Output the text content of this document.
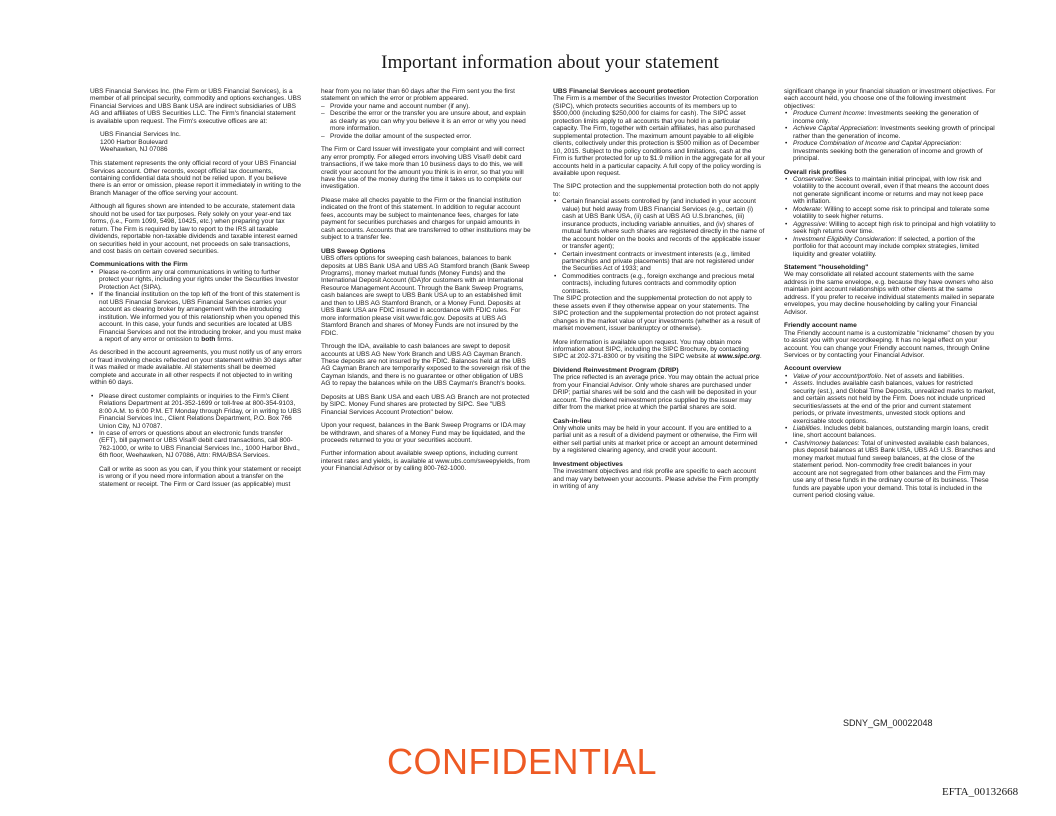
Important information about your statement

UBS Financial Services Inc. (the Firm or UBS Financial Services), is a member of all principal security, commodity and options exchanges. UBS Financial Services and UBS Bank USA are indirect subsidiaries of UBS AG and affiliates of UBS Securities LLC. The Firm's financial statement is available upon request. The Firm's executive offices are at:

UBS Financial Services Inc.
1200 Harbor Boulevard
Weehawken, NJ 07086

This statement represents the only official record of your UBS Financial Services account. Other records, except official tax documents, containing confidential data should not be relied upon. If you believe there is an error or omission, please report it immediately in writing to the Branch Manager of the office serving your account.

Although all figures shown are intended to be accurate, statement data should not be used for tax purposes. Rely solely on your year-end tax forms, (i.e., Form 1099, 5498, 10425, etc.) when preparing your tax return. The Firm is required by law to report to the IRS all taxable dividends, reportable non-taxable dividends and taxable interest earned on securities held in your account, net proceeds on sale transactions, and cost basis on certain covered securities.

Communications with the Firm
• Please re-confirm any oral communications in writing to further protect your rights, including your rights under the Securities Investor Protection Act (SIPA).
• If the financial institution on the top left of the front of this statement is not UBS Financial Services, UBS Financial Services carries your account as clearing broker by arrangement with the introducing institution. We informed you of this relationship when you opened this account. In this case, your funds and securities are located at UBS Financial Services and not the introducing broker, and you must make a report of any error or omission to both firms.

As described in the account agreements, you must notify us of any errors or fraud involving checks reflected on your statement within 30 days after it was mailed or made available. All statements shall be deemed complete and accurate in all other respects if not objected to in writing within 60 days.

• Please direct customer complaints or inquiries to the Firm's Client Relations Department at 201-352-1699 or toll-free at 800-354-9103, 8:00 A.M. to 6:00 P.M. ET Monday through Friday, or in writing to UBS Financial Services Inc., Client Relations Department, P.O. Box 766 Union City, NJ 07087.
• In case of errors or questions about an electronic funds transfer (EFT), bill payment or UBS Visa® debit card transactions, call 800-762-1000, or write to UBS Financial Services Inc., 1000 Harbor Blvd., 6th floor, Weehawken, NJ 07086, Attn: RMA/BSA Services.

Call or write as soon as you can, if you think your statement or receipt is wrong or if you need more information about a transfer on the statement or receipt. The Firm or Card Issuer (as applicable) must

hear from you no later than 60 days after the Firm sent you the first statement on which the error or problem appeared.

– Provide your name and account number (if any).
– Describe the error or the transfer you are unsure about, and explain as clearly as you can why you believe it is an error or why you need more information.
– Provide the dollar amount of the suspected error.

The Firm or Card Issuer will investigate your complaint and will correct any error promptly. For alleged errors involving UBS Visa® debit card transactions, if we take more than 10 business days to do this, we will credit your account for the amount you think is in error, so that you will have the use of the money during the time it takes us to complete our investigation.

Please make all checks payable to the Firm or the financial institution indicated on the front of this statement. In addition to regular account fees, accounts may be subject to maintenance fees, charges for late payment for securities purchases and charges for unpaid amounts in cash accounts. Accounts that are transferred to other institutions may be subject to a transfer fee.

UBS Sweep Options

UBS offers options for sweeping cash balances, balances to bank deposits at UBS Bank USA and UBS AG Stamford branch (Bank Sweep Programs), money market mutual funds (Money Funds) and the International Deposit Account (IDA)for customers with an International Resource Management Account. Through the Bank Sweep Programs, cash balances are swept to UBS Bank USA up to an established limit and then to UBS AG Stamford Branch, or a Money Fund. Deposits at UBS Bank USA are FDIC insured in accordance with FDIC rules. For more information please visit www.fdic.gov. Deposits at UBS AG Stamford Branch and shares of Money Funds are not insured by the FDIC.

Through the IDA, available to cash balances are swept to deposit accounts at UBS AG New York Branch and UBS AG Cayman Branch. These deposits are not insured by the FDIC. Balances held at the UBS AG Cayman Branch are temporarily exposed to the sovereign risk of the Cayman Islands, and there is no guarantee or other obligation of UBS AG to repay the balances while on the UBS Cayman's Branch's books.

Deposits at UBS Bank USA and each UBS AG Branch are not protected by SIPC. Money Fund shares are protected by SIPC. See "UBS Financial Services Account Protection" below.

Upon your request, balances in the Bank Sweep Programs or IDA may be withdrawn, and shares of a Money Fund may be liquidated, and the proceeds returned to you or your securities account.

Further information about available sweep options, including current interest rates and yields, is available at www.ubs.com/sweepyields, from your Financial Advisor or by calling 800-762-1000.

UBS Financial Services account protection

The Firm is a member of the Securities Investor Protection Corporation (SIPC), which protects securities accounts of its members up to $500,000 (including $250,000 for claims for cash). The SIPC asset protection limits apply to all accounts that you hold in a particular capacity. The Firm, together with certain affiliates, has also purchased supplemental protection. The maximum amount payable to all eligible clients, collectively under this protection is $500 million as of December 10, 2015. Subject to the policy conditions and limitations, cash at the Firm is further protected for up to $1.9 million in the aggregate for all your accounts held in a particular capacity. A full copy of the policy wording is available upon request.

The SIPC protection and the supplemental protection both do not apply to:

• Certain financial assets controlled by (and included in your account value) but held away from UBS Financial Services (e.g., certain (i) cash at UBS Bank USA, (ii) cash at UBS AG U.S.branches, (iii) insurance products, including variable annuities, and (iv) shares of mutual funds where such shares are registered directly in the name of the account holder on the books and records of the applicable issuer or transfer agent);
• Certain investment contracts or investment interests (e.g., limited partnerships and private placements) that are not registered under the Securities Act of 1933; and
• Commodities contracts (e.g., foreign exchange and precious metal contracts), including futures contracts and commodity option contracts.

The SIPC protection and the supplemental protection do not apply to these assets even if they otherwise appear on your statements. The SIPC protection and the supplemental protection do not protect against changes in the market value of your investments (whether as a result of market movement, issuer bankruptcy or otherwise).

More information is available upon request. You may obtain more information about SIPC, including the SIPC Brochure, by contacting SIPC at 202-371-8300 or by visiting the SIPC website at www.sipc.org.

Dividend Reinvestment Program (DRIP)

The price reflected is an average price. You may obtain the actual price from your Financial Advisor. Only whole shares are purchased under DRIP; partial shares will be sold and the cash will be deposited in your account. The dividend reinvestment price supplied by the issuer may differ from the market price at which the partial shares are sold.

Cash-in-lieu

Only whole units may be held in your account. If you are entitled to a partial unit as a result of a dividend payment or otherwise, the Firm will either sell partial units at market price or accept an amount determined by a registered clearing agency, and credit your account.

Investment objectives

The investment objectives and risk profile are specific to each account and may vary between your accounts. Please advise the Firm promptly in writing of any

significant change in your financial situation or investment objectives. For each account held, you choose one of the following investment objectives:

• Produce Current Income: Investments seeking the generation of income only.
• Achieve Capital Appreciation: Investments seeking growth of principal rather than the generation of income.
• Produce Combination of Income and Capital Appreciation: Investments seeking both the generation of income and growth of principal.
Overall risk profiles
• Conservative: Seeks to maintain initial principal, with low risk and volatility to the account overall, even if that means the account does not generate significant income or returns and may not keep pace with inflation.
• Moderate: Willing to accept some risk to principal and tolerate some volatility to seek higher returns.
• Aggressive: Willing to accept high risk to principal and high volatility to seek high returns over time.
• Investment Eligibility Consideration: If selected, a portion of the portfolio for that account may include complex strategies, limited liquidity and greater volatility.
Statement "householding"

We may consolidate all related account statements with the same address in the same envelope, e.g. because they have owners who also maintain joint account relationships with other clients at the same address. If you prefer to receive individual statements mailed in separate envelopes, you may decline householding by calling your Financial Advisor.

Friendly account name

The Friendly account name is a customizable "nickname" chosen by you to assist you with your recordkeeping. It has no legal effect on your account. You can change your Friendly account names, through Online Services or by contacting your Financial Advisor.

Account overview
• Value of your account/portfolio. Net of assets and liabilities.
• Assets. Includes available cash balances, values for restricted security (est.), and Global Time Deposits, unrealized marks to market, and certain assets not held by the Firm. Does not include unpriced securities/assets at the end of the prior and current statement periods, or private investments, unvested stock options and exercisable stock options.
• Liabilities. Includes debit balances, outstanding margin loans, credit line, short account balances.
• Cash/money balances: Total of uninvested available cash balances, plus deposit balances at UBS Bank USA, UBS AG U.S. Branches and money market mutual fund sweep balances, at the close of the statement period. Non-commodity free credit balances in your account are not segregated from other balances and the Firm may use any of these funds in the ordinary course of its business. These funds are payable upon your demand. This total is included in the current period closing value.
SDNY_GM_00022048
CONFIDENTIAL
EFTA_00132668
